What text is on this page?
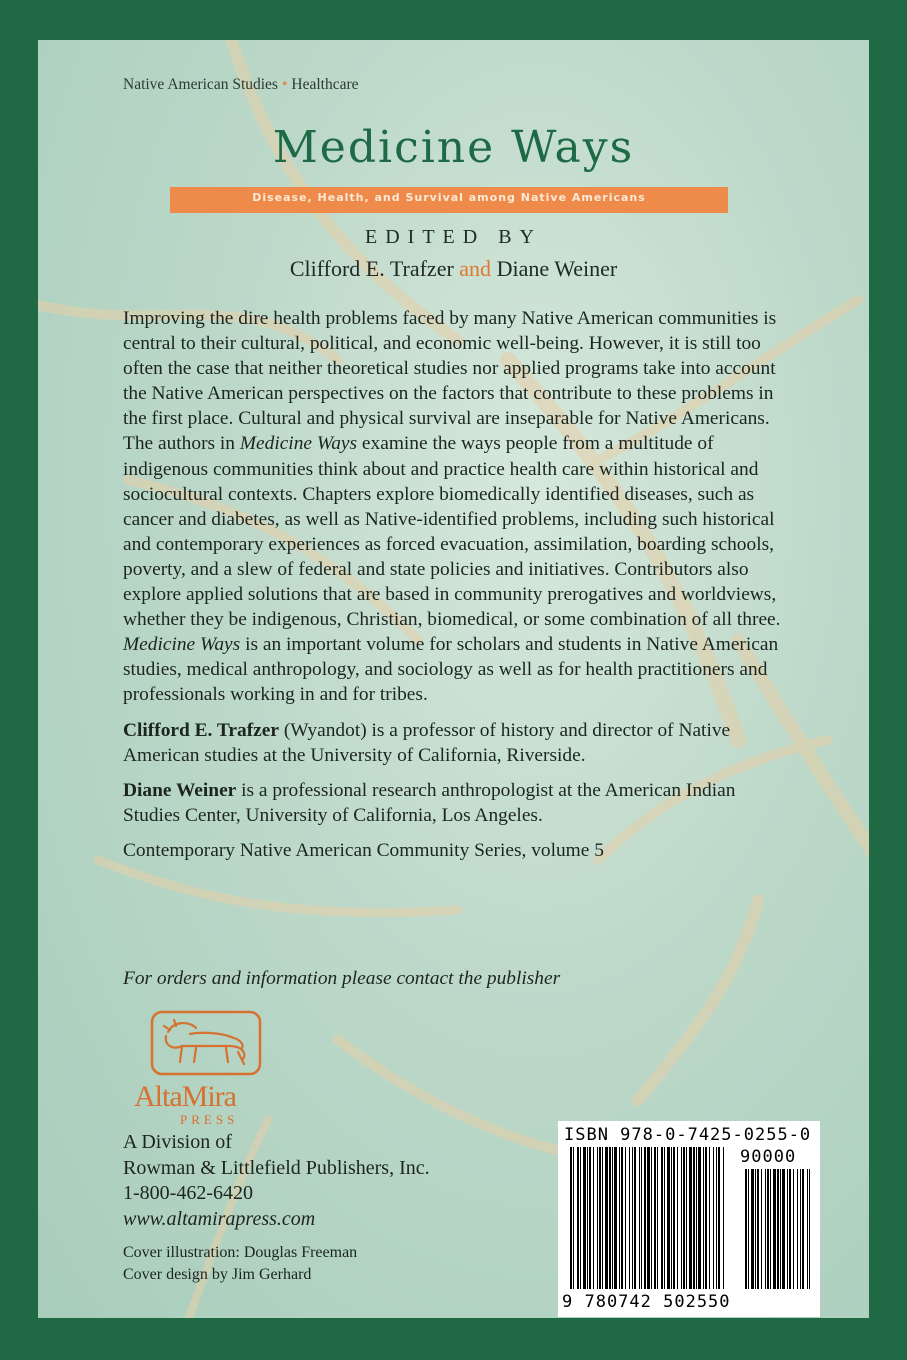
Native American Studies • Healthcare
Medicine Ways
Disease, Health, and Survival among Native Americans
EDITED BY
Clifford E. Trafzer and Diane Weiner

Improving the dire health problems faced by many Native American communities is central to their cultural, political, and economic well-being. However, it is still too often the case that neither theoretical studies nor applied programs take into account the Native American perspectives on the factors that contribute to these problems in the first place. Cultural and physical survival are inseparable for Native Americans. The authors in Medicine Ways examine the ways people from a multitude of indigenous communities think about and practice health care within historical and sociocultural contexts. Chapters explore biomedically identified diseases, such as cancer and diabetes, as well as Native-identified problems, including such historical and contemporary experiences as forced evacuation, assimilation, boarding schools, poverty, and a slew of federal and state policies and initiatives. Contributors also explore applied solutions that are based in community prerogatives and worldviews, whether they be indigenous, Christian, biomedical, or some combination of all three. Medicine Ways is an important volume for scholars and students in Native American studies, medical anthropology, and sociology as well as for health practitioners and professionals working in and for tribes.

Clifford E. Trafzer (Wyandot) is a professor of history and director of Native American studies at the University of California, Riverside.

Diane Weiner is a professional research anthropologist at the American Indian Studies Center, University of California, Los Angeles.

Contemporary Native American Community Series, volume 5

For orders and information please contact the publisher
AltaMira
PRESS
A Division of
Rowman & Littlefield Publishers, Inc.
1-800-462-6420
www.altamirapress.com
Cover illustration: Douglas Freeman
Cover design by Jim Gerhard
ISBN 978-0-7425-0255-0
90000
9 780742 502550
